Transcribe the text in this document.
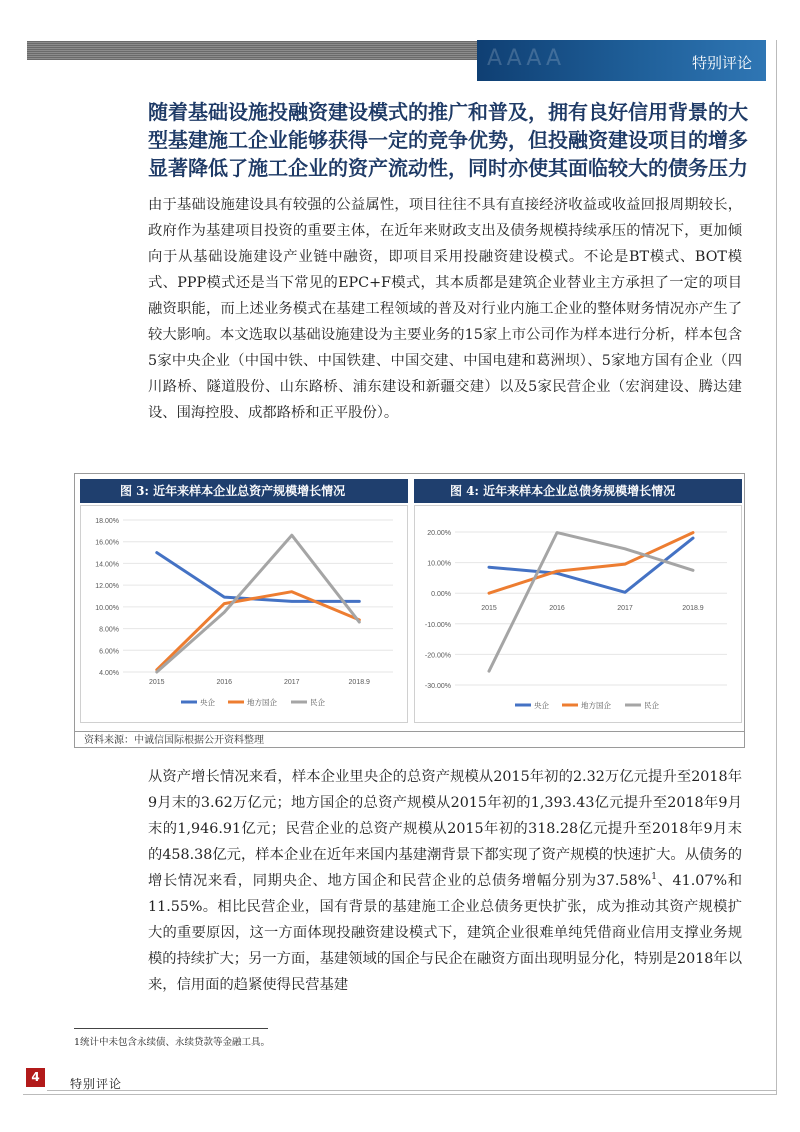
AAAA	特别评论
随着基础设施投融资建设模式的推广和普及，拥有良好信用背景的大型基建施工企业能够获得一定的竞争优势，但投融资建设项目的增多显著降低了施工企业的资产流动性，同时亦使其面临较大的债务压力

由于基础设施建设具有较强的公益属性，项目往往不具有直接经济收益或收益回报周期较长，政府作为基建项目投资的重要主体，在近年来财政支出及债务规模持续承压的情况下，更加倾向于从基础设施建设产业链中融资，即项目采用投融资建设模式。不论是BT模式、BOT模式、PPP模式还是当下常见的EPC+F模式，其本质都是建筑企业替业主方承担了一定的项目融资职能，而上述业务模式在基建工程领域的普及对行业内施工企业的整体财务情况亦产生了较大影响。本文选取以基础设施建设为主要业务的15家上市公司作为样本进行分析，样本包含5家中央企业（中国中铁、中国铁建、中国交建、中国电建和葛洲坝）、5家地方国有企业（四川路桥、隧道股份、山东路桥、浦东建设和新疆交建）以及5家民营企业（宏润建设、腾达建设、围海控股、成都路桥和正平股份）。

图 3: 近年来样本企业总资产规模增长情况	图 4: 近年来样本企业总债务规模增长情况
4.00%
6.00%
8.00%
10.00%
12.00%
14.00%
16.00%
18.00%
2015	2016	2017	2018.9
央企	地方国企	民企
-30.00%
-20.00%
-10.00%
0.00%
10.00%
20.00%
2015	2016	2017	2018.9
央企	地方国企	民企
资料来源：中诚信国际根据公开资料整理

从资产增长情况来看，样本企业里央企的总资产规模从2015年初的2.32万亿元提升至2018年9月末的3.62万亿元；地方国企的总资产规模从2015年初的1,393.43亿元提升至2018年9月末的1,946.91亿元；民营企业的总资产规模从2015年初的318.28亿元提升至2018年9月末的458.38亿元，样本企业在近年来国内基建潮背景下都实现了资产规模的快速扩大。从债务的增长情况来看，同期央企、地方国企和民营企业的总债务增幅分别为37.58%$^1$、41.07%和11.55%。相比民营企业，国有背景的基建施工企业总债务更快扩张，成为推动其资产规模扩大的重要原因，这一方面体现投融资建设模式下，建筑企业很难单纯凭借商业信用支撑业务规模的持续扩大；另一方面，基建领域的国企与民企在融资方面出现明显分化，特别是2018年以来，信用面的趋紧使得民营基建

1统计中未包含永续债、永续贷款等金融工具。
4	特别评论
